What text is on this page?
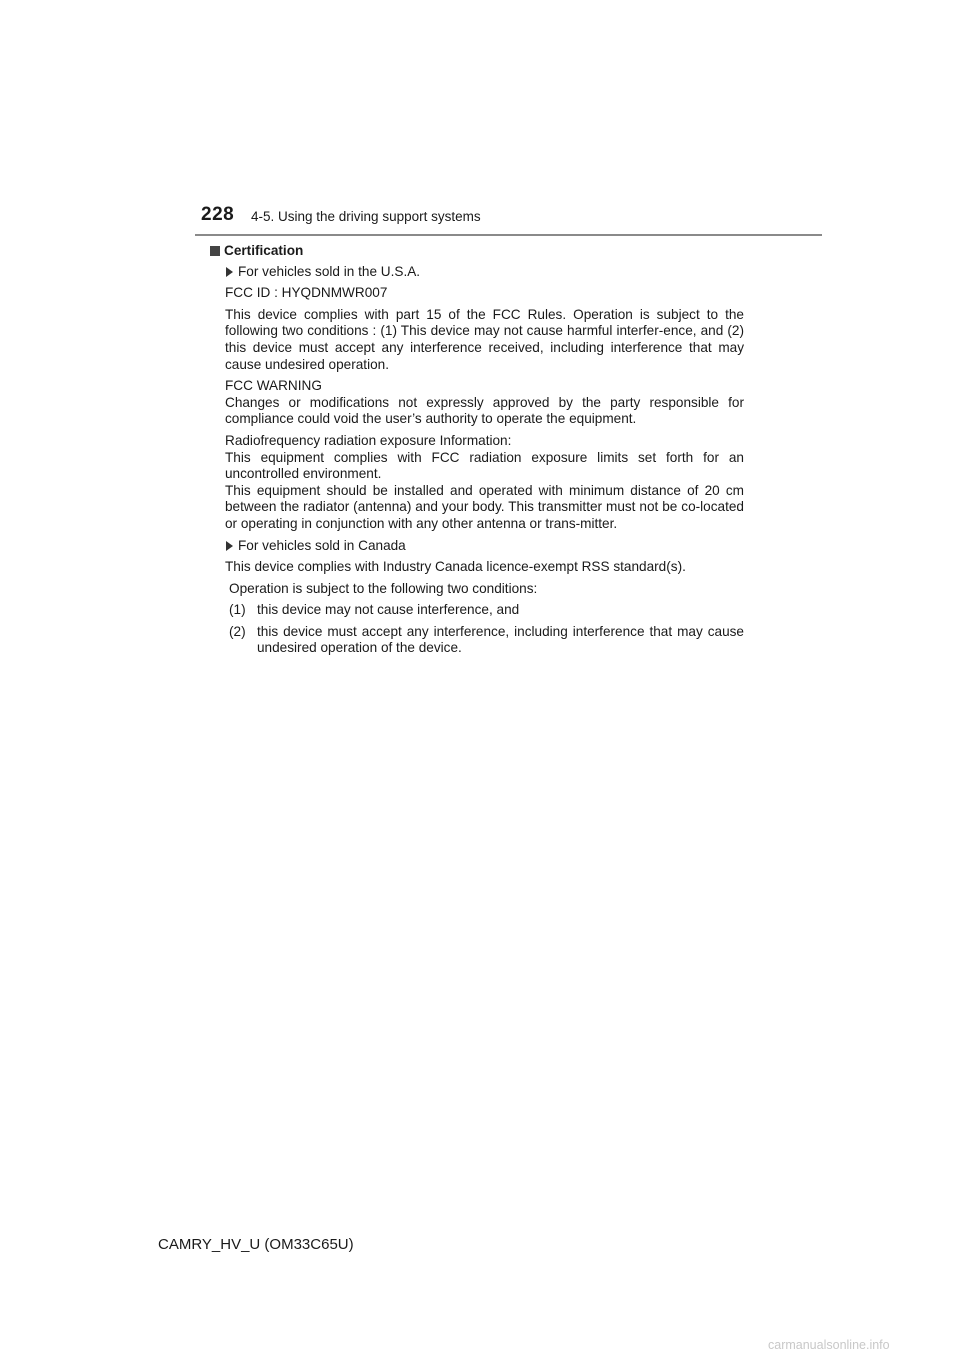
228 4-5. Using the driving support systems
Certification
For vehicles sold in the U.S.A.

FCC ID : HYQDNMWR007

This device complies with part 15 of the FCC Rules. Operation is subject to the following two conditions : (1) This device may not cause harmful interfer-ence, and (2) this device must accept any interference received, including interference that may cause undesired operation.

FCC WARNING
Changes or modifications not expressly approved by the party responsible for compliance could void the user’s authority to operate the equipment.

Radiofrequency radiation exposure Information:
This equipment complies with FCC radiation exposure limits set forth for an uncontrolled environment.
This equipment should be installed and operated with minimum distance of 20 cm between the radiator (antenna) and your body. This transmitter must not be co-located or operating in conjunction with any other antenna or trans-mitter.

For vehicles sold in Canada

This device complies with Industry Canada licence-exempt RSS standard(s).

Operation is subject to the following two conditions:

(1) this device may not cause interference, and
(2) this device must accept any interference, including interference that may cause undesired operation of the device.
CAMRY_HV_U (OM33C65U)
carmanualsonline.info
